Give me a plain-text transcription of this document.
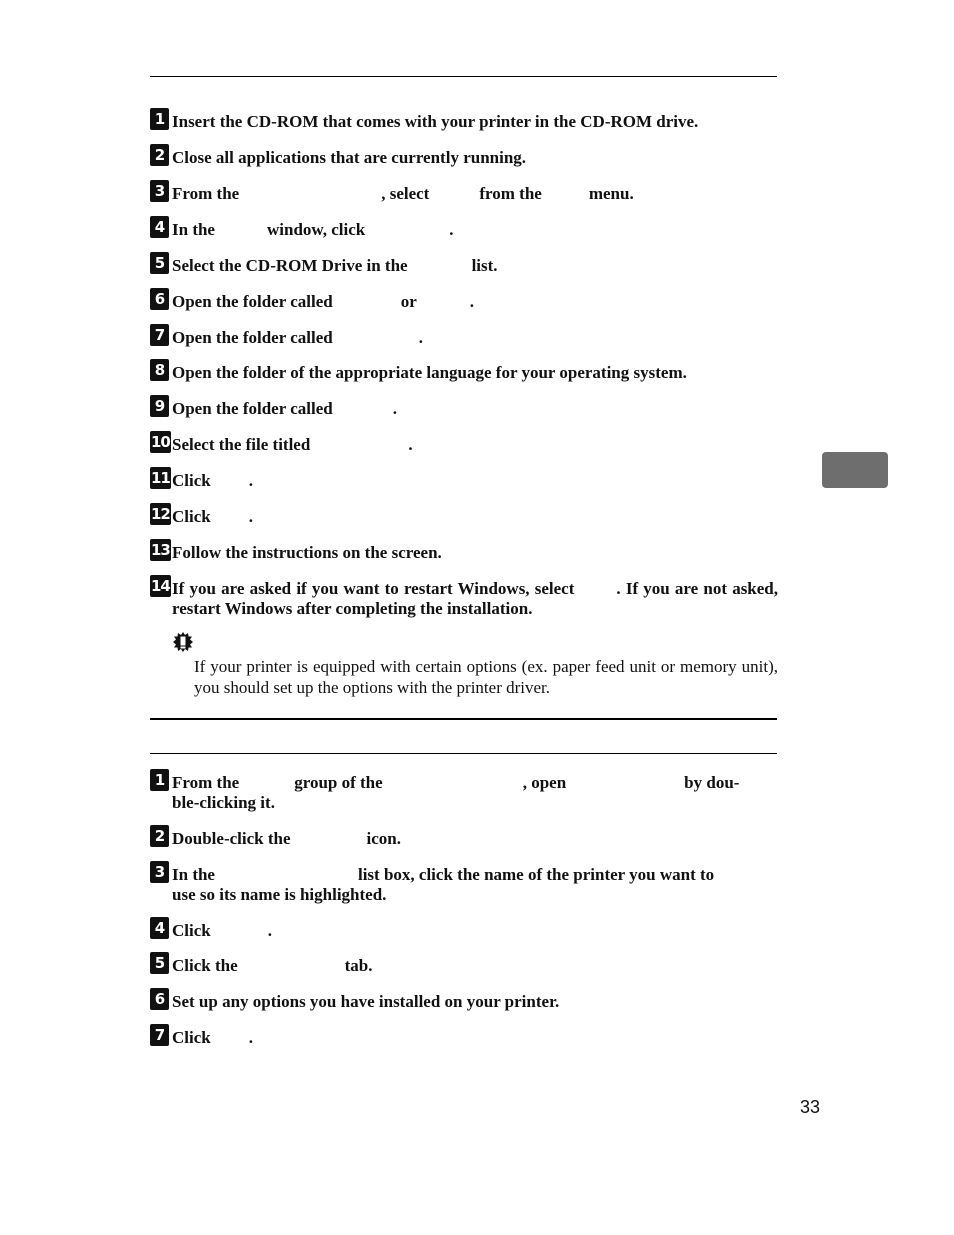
1 Insert the CD-ROM that comes with your printer in the CD-ROM drive.
2 Close all applications that are currently running.
3 From the	, select	from the	menu.
4 In the	window, click	.
5 Select the CD-ROM Drive in the	list.
6 Open the folder called	or	.
7 Open the folder called	.
8 Open the folder of the appropriate language for your operating system.
9 Open the folder called	.
10 Select the file titled	.
11 Click .
12 Click .
13 Follow the instructions on the screen.
14 If you are asked if you want to restart Windows, select . If you are not asked, restart Windows after completing the installation.
If your printer is equipped with certain options (ex. paper feed unit or memory unit), you should set up the options with the printer driver.
1 From the	group of the	, open	by dou-
ble-clicking it.
2 Double-click the	icon.
3 In the	list box, click the name of the printer you want to
use so its name is highlighted.
4 Click	.
5 Click the	tab.
6 Set up any options you have installed on your printer.
7 Click .
33
